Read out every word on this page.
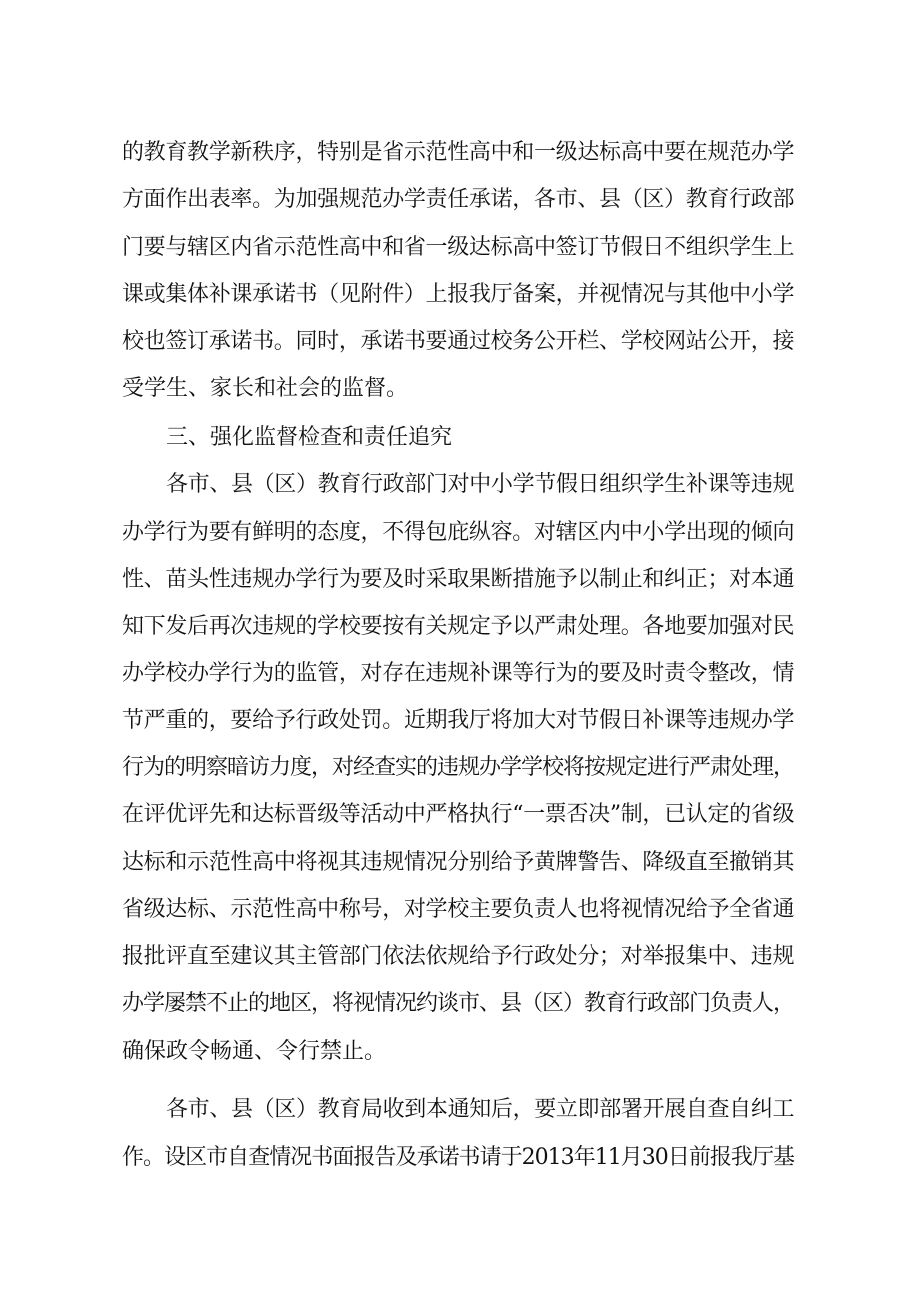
的教育教学新秩序，特别是省示范性高中和一级达标高中要在规范办学
方面作出表率。为加强规范办学责任承诺，各市、县（区）教育行政部
门要与辖区内省示范性高中和省一级达标高中签订节假日不组织学生上
课或集体补课承诺书（见附件）上报我厅备案，并视情况与其他中小学
校也签订承诺书。同时，承诺书要通过校务公开栏、学校网站公开，接
受学生、家长和社会的监督。
三、强化监督检查和责任追究
各市、县（区）教育行政部门对中小学节假日组织学生补课等违规
办学行为要有鲜明的态度，不得包庇纵容。对辖区内中小学出现的倾向
性、苗头性违规办学行为要及时采取果断措施予以制止和纠正；对本通
知下发后再次违规的学校要按有关规定予以严肃处理。各地要加强对民
办学校办学行为的监管，对存在违规补课等行为的要及时责令整改，情
节严重的，要给予行政处罚。近期我厅将加大对节假日补课等违规办学
行为的明察暗访力度，对经查实的违规办学学校将按规定进行严肃处理，
在评优评先和达标晋级等活动中严格执行“一票否决”制，已认定的省级
达标和示范性高中将视其违规情况分别给予黄牌警告、降级直至撤销其
省级达标、示范性高中称号，对学校主要负责人也将视情况给予全省通
报批评直至建议其主管部门依法依规给予行政处分；对举报集中、违规
办学屡禁不止的地区，将视情况约谈市、县（区）教育行政部门负责人，
确保政令畅通、令行禁止。
各市、县（区）教育局收到本通知后，要立即部署开展自查自纠工
作。设区市自查情况书面报告及承诺书请于2013年11月30日前报我厅基
